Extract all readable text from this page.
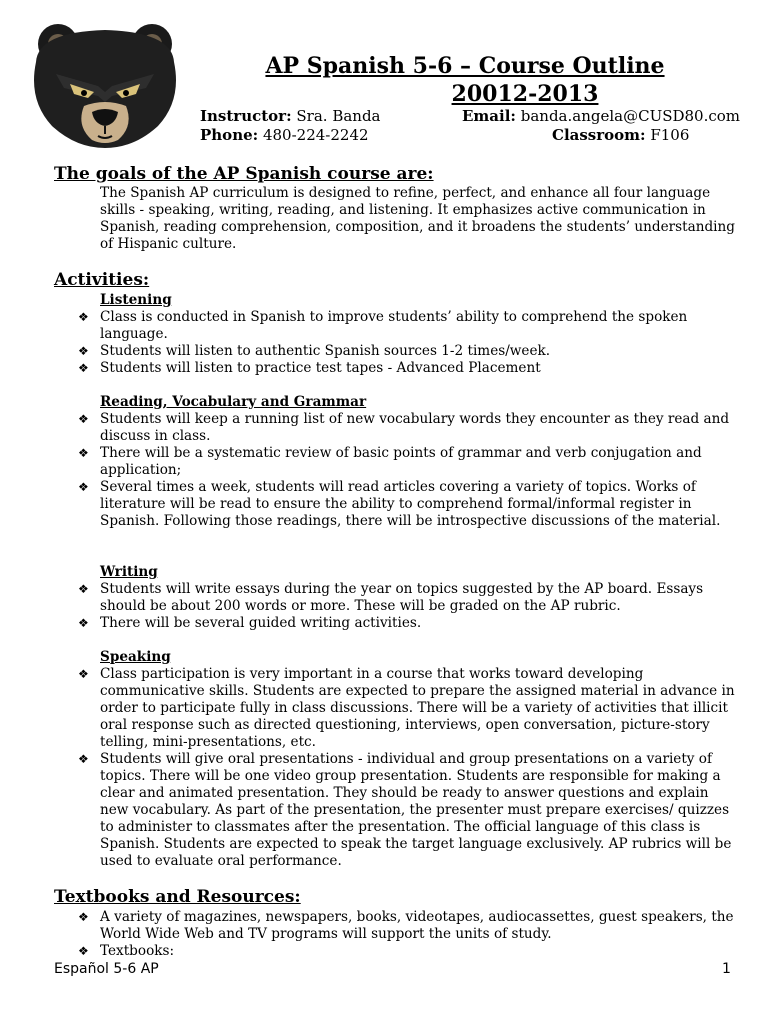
AP Spanish 5-6 – Course Outline
20012-2013
Instructor: Sra. Banda	Email: banda.angela@CUSD80.com
Phone: 480-224-2242	Classroom: F106
The goals of the AP Spanish course are:
The Spanish AP curriculum is designed to refine, perfect, and enhance all four language skills - speaking, writing, reading, and listening. It emphasizes active communication in Spanish, reading comprehension, composition, and it broadens the students’ understanding of Hispanic culture.
Activities:
Listening
❖ Class is conducted in Spanish to improve students’ ability to comprehend the spoken language.
❖ Students will listen to authentic Spanish sources 1-2 times/week.
❖ Students will listen to practice test tapes - Advanced Placement
Reading, Vocabulary and Grammar
❖ Students will keep a running list of new vocabulary words they encounter as they read and discuss in class.
❖ There will be a systematic review of basic points of grammar and verb conjugation and application;
❖ Several times a week, students will read articles covering a variety of topics. Works of literature will be read to ensure the ability to comprehend formal/informal register in Spanish. Following those readings, there will be introspective discussions of the material.
Writing
❖ Students will write essays during the year on topics suggested by the AP board. Essays should be about 200 words or more. These will be graded on the AP rubric.
❖ There will be several guided writing activities.
Speaking
❖ Class participation is very important in a course that works toward developing communicative skills. Students are expected to prepare the assigned material in advance in order to participate fully in class discussions. There will be a variety of activities that illicit oral response such as directed questioning, interviews, open conversation, picture-story telling, mini-presentations, etc.
❖ Students will give oral presentations - individual and group presentations on a variety of topics. There will be one video group presentation. Students are responsible for making a clear and animated presentation. They should be ready to answer questions and explain new vocabulary. As part of the presentation, the presenter must prepare exercises/ quizzes to administer to classmates after the presentation. The official language of this class is Spanish. Students are expected to speak the target language exclusively. AP rubrics will be used to evaluate oral performance.
Textbooks and Resources:
❖ A variety of magazines, newspapers, books, videotapes, audiocassettes, guest speakers, the World Wide Web and TV programs will support the units of study.
❖ Textbooks:
Español 5-6 AP	1
